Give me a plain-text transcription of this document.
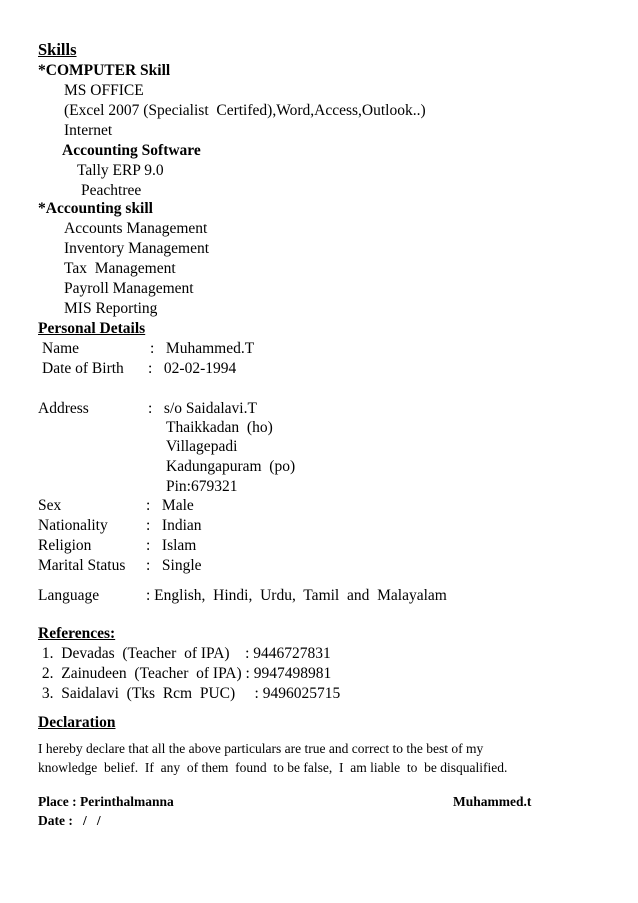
Skills
*COMPUTER Skill
MS OFFICE
(Excel 2007 (Specialist  Certifed),Word,Access,Outlook..)
Internet
Accounting Software
Tally ERP 9.0
Peachtree
*Accounting skill
Accounts Management
Inventory Management
Tax  Management
Payroll Management
MIS Reporting
Personal Details
Name	:   Muhammed.T
Date of Birth :   02-02-1994
Address	:   s/o Saidalavi.T
Thaikkadan  (ho)
Villagepadi
Kadungapuram  (po)
Pin:679321
Sex	:   Male
Nationality :   Indian
Religion	:   Islam
Marital Status :   Single
Language	: English,  Hindi,  Urdu,  Tamil  and  Malayalam
References:
1.  Devadas  (Teacher  of IPA)    : 9446727831
2.  Zainudeen  (Teacher  of IPA) : 9947498981
3.  Saidalavi  (Tks  Rcm  PUC)     : 9496025715
Declaration
I hereby declare that all the above particulars are true and correct to the best of my
knowledge  belief.  If  any  of them  found  to be false,  I  am liable  to  be disqualified.
Place : Perinthalmanna	Muhammed.t
Date :   /   /
